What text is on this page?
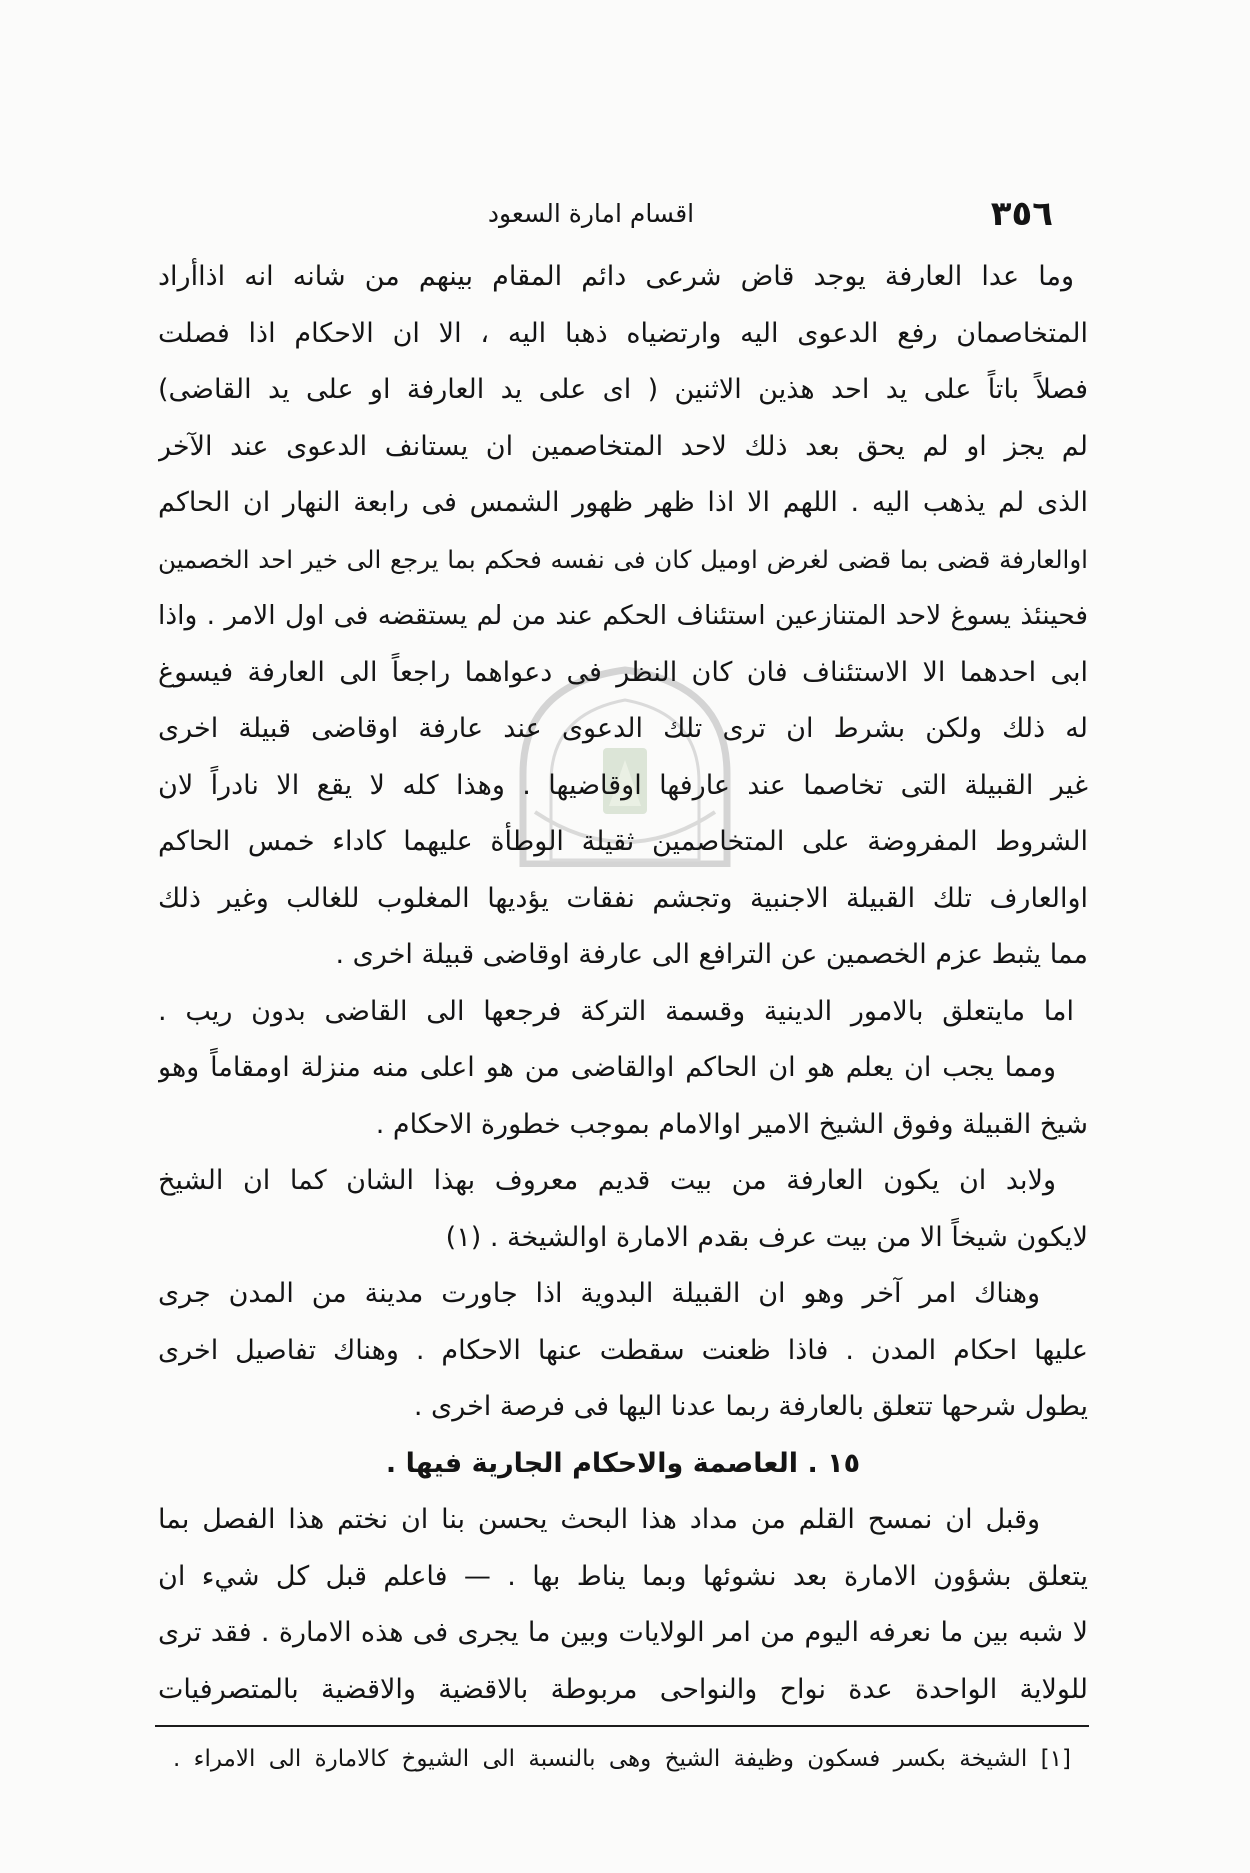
٣٥٦
اقسام امارة السعود
وما عدا العارفة يوجد قاض شرعى دائم المقام بينهم من شانه انه اذاأراد
المتخاصمان رفع الدعوى اليه وارتضياه ذهبا اليه ، الا ان الاحكام اذا فصلت
فصلاً باتاً على يد احد هذين الاثنين ( اى على يد العارفة او على يد القاضى)
لم يجز او لم يحق بعد ذلك لاحد المتخاصمين ان يستانف الدعوى عند الآخر
الذى لم يذهب اليه . اللهم الا اذا ظهر ظهور الشمس فى رابعة النهار ان الحاكم
اوالعارفة قضى بما قضى لغرض اوميل كان فى نفسه فحكم بما يرجع الى خير احد الخصمين
فحينئذ يسوغ لاحد المتنازعين استئناف الحكم عند من لم يستقضه فى اول الامر . واذا
ابى احدهما الا الاستئناف فان كان النظر فى دعواهما راجعاً الى العارفة فيسوغ
له ذلك ولكن بشرط ان ترى تلك الدعوى عند عارفة اوقاضى قبيلة اخرى
غير القبيلة التى تخاصما عند عارفها اوقاضيها . وهذا كله لا يقع الا نادراً لان
الشروط المفروضة على المتخاصمين ثقيلة الوطأة عليهما كاداء خمس الحاكم
اوالعارف تلك القبيلة الاجنبية وتجشم نفقات يؤديها المغلوب للغالب وغير ذلك
مما يثبط عزم الخصمين عن الترافع الى عارفة اوقاضى قبيلة اخرى .
اما مايتعلق بالامور الدينية وقسمة التركة فرجعها الى القاضى بدون ريب .
ومما يجب ان يعلم هو ان الحاكم اوالقاضى من هو اعلى منه منزلة اومقاماً وهو
شيخ القبيلة وفوق الشيخ الامير اوالامام بموجب خطورة الاحكام .
ولابد ان يكون العارفة من بيت قديم معروف بهذا الشان كما ان الشيخ
لايكون شيخاً الا من بيت عرف بقدم الامارة اوالشيخة . (١)
وهناك امر آخر وهو ان القبيلة البدوية اذا جاورت مدينة من المدن جرى
عليها احكام المدن . فاذا ظعنت سقطت عنها الاحكام . وهناك تفاصيل اخرى
يطول شرحها تتعلق بالعارفة ربما عدنا اليها فى فرصة اخرى .
١٥ . العاصمة والاحكام الجارية فيها .
وقبل ان نمسح القلم من مداد هذا البحث يحسن بنا ان نختم هذا الفصل بما
يتعلق بشؤون الامارة بعد نشوئها وبما يناط بها . — فاعلم قبل كل شيء ان
لا شبه بين ما نعرفه اليوم من امر الولايات وبين ما يجرى فى هذه الامارة . فقد ترى
للولاية الواحدة عدة نواح والنواحى مربوطة بالاقضية والاقضية بالمتصرفيات
[١] الشيخة بكسر فسكون وظيفة الشيخ وهى بالنسبة الى الشيوخ كالامارة الى الامراء .
